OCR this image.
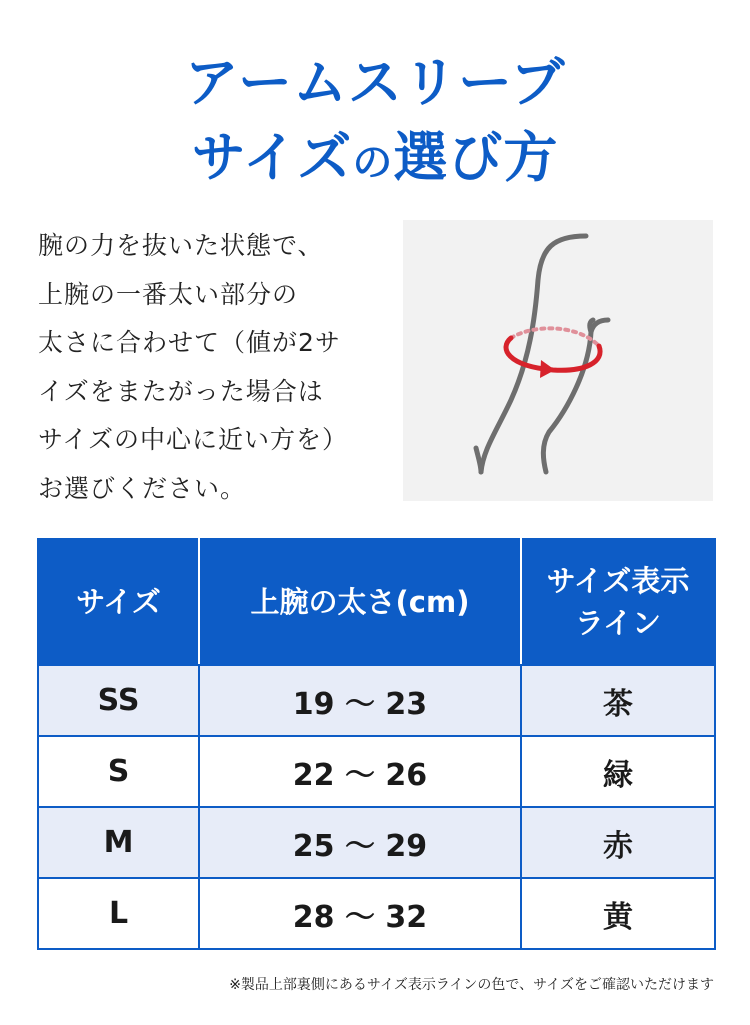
アームスリーブ
サイズの選び方
腕の力を抜いた状態で、
上腕の一番太い部分の
太さに合わせて（値が2サ
イズをまたがった場合は
サイズの中心に近い方を）
お選びください。
サイズ	上腕の太さ(cm)	サイズ表示
ライン

SS	19 〜 23	茶
S	22 〜 26	緑
M	25 〜 29	赤
L	28 〜 32	黄
※製品上部裏側にあるサイズ表示ラインの色で、サイズをご確認いただけます
